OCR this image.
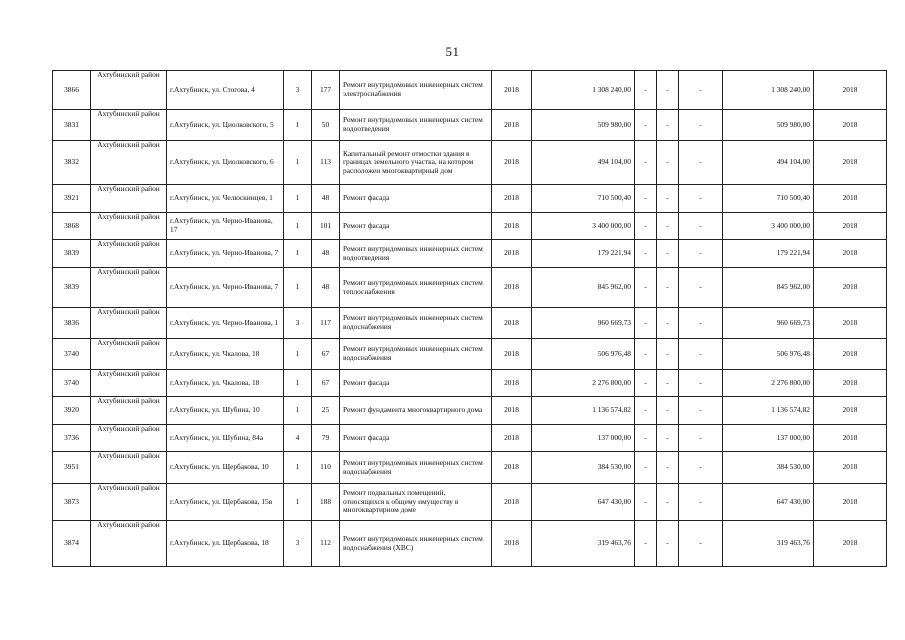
51
3866	Ахтубинский район	г.Ахтубинск, ул. Стогова, 4	3	177	Ремонт внутридомовых инженерных систем электроснабжения	2018	1 308 240,00	-	-	-	1 308 240,00	2018
3831	Ахтубинский район	г.Ахтубинск, ул. Циолковского, 5	1	50	Ремонт внутридомовых инженерных систем водоотведения	2018	509 980,00	-	-	-	509 980,00	2018
3832	Ахтубинский район	г.Ахтубинск, ул. Циолковского, 6	1	113	Капитальный ремонт отмостки здания в границах земельного участка, на котором расположен многоквартирный дом	2018	494 104,00	-	-	-	494 104,00	2018
3921	Ахтубинский район	г.Ахтубинск, ул. Челюскинцев, 1	1	48	Ремонт фасада	2018	710 500,40	-	-	-	710 500,40	2018
3868	Ахтубинский район	г.Ахтубинск, ул. Черно-Иванова, 17	1	101	Ремонт фасада	2018	3 400 000,00	-	-	-	3 400 000,00	2018
3839	Ахтубинский район	г.Ахтубинск, ул. Черно-Иванова, 7	1	48	Ремонт внутридомовых инженерных систем водоотведения	2018	179 221,94	-	-	-	179 221,94	2018
3839	Ахтубинский район	г.Ахтубинск, ул. Черно-Иванова, 7	1	48	Ремонт внутридомовых инженерных систем теплоснабжения	2018	845 962,00	-	-	-	845 962,00	2018
3836	Ахтубинский район	г.Ахтубинск, ул. Черно-Иванова, 1	3	117	Ремонт внутридомовых инженерных систем водоснабжения	2018	960 669,73	-	-	-	960 669,73	2018
3740	Ахтубинский район	г.Ахтубинск, ул. Чкалова, 18	1	67	Ремонт внутридомовых инженерных систем водоснабжения	2018	506 976,48	-	-	-	506 976,48	2018
3740	Ахтубинский район	г.Ахтубинск, ул. Чкалова, 18	1	67	Ремонт фасада	2018	2 276 800,00	-	-	-	2 276 800,00	2018
3920	Ахтубинский район	г.Ахтубинск, ул. Шубина, 10	1	25	Ремонт фундамента многоквартирного дома	2018	1 136 574,82	-	-	-	1 136 574,82	2018
3736	Ахтубинский район	г.Ахтубинск, ул. Шубина, 84а	4	79	Ремонт фасада	2018	137 000,00	-	-	-	137 000,00	2018
3951	Ахтубинский район	г.Ахтубинск, ул. Щербакова, 10	1	110	Ремонт внутридомовых инженерных систем водоснабжения	2018	384 530,00	-	-	-	384 530,00	2018
3873	Ахтубинский район	г.Ахтубинск, ул. Щербакова, 15в	1	188	Ремонт подвальных помещений, относящихся к общему имуществу в многоквартирном доме	2018	647 430,00	-	-	-	647 430,00	2018
3874	Ахтубинский район	г.Ахтубинск, ул. Щербакова, 18	3	112	Ремонт внутридомовых инженерных систем водоснабжения (ХВС)	2018	319 463,76	-	-	-	319 463,76	2018
